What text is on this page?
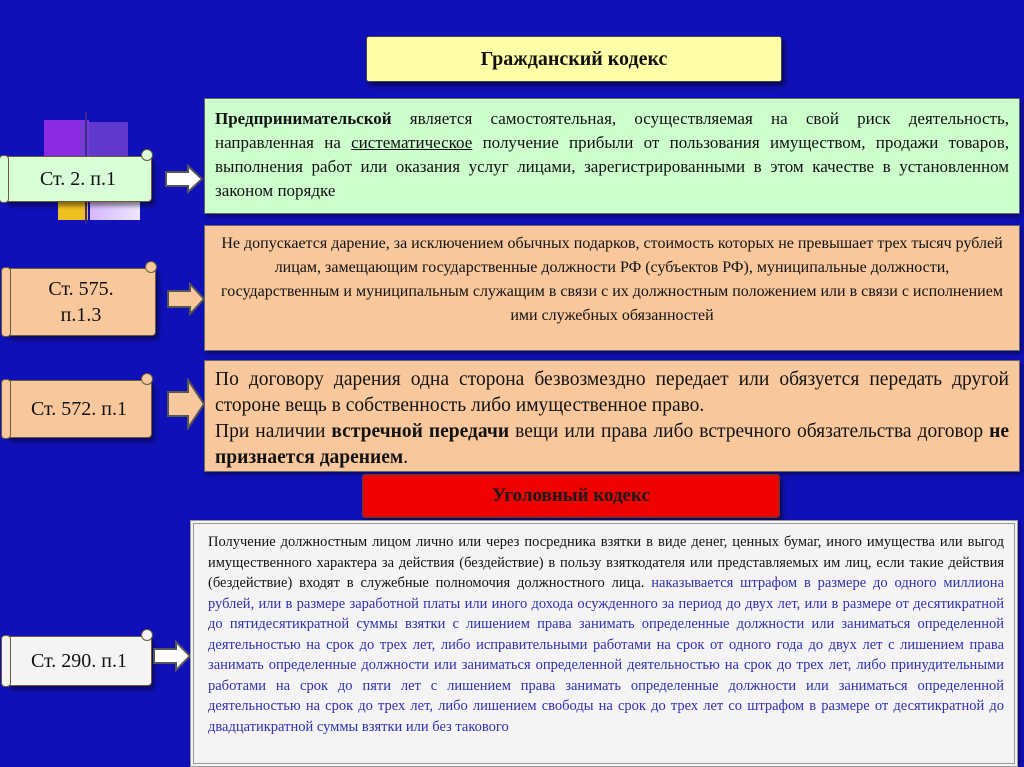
Гражданский кодекс
Ст. 2. п.1
Предпринимательской является самостоятельная, осуществляемая на свой риск деятельность, направленная на систематическое получение прибыли от пользования имуществом, продажи товаров, выполнения работ или оказания услуг лицами, зарегистрированными в этом качестве в установленном законом порядке
Ст. 575.
п.1.3
Не допускается дарение, за исключением обычных подарков, стоимость которых не превышает трех тысяч рублей лицам, замещающим государственные должности РФ (субъектов РФ), муниципальные должности, государственным и муниципальным служащим в связи с их должностным положением или в связи с исполнением ими служебных обязанностей
Ст. 572. п.1
По договору дарения одна сторона безвозмездно передает или обязуется передать другой стороне вещь в собственность либо имущественное право.
При наличии встречной передачи вещи или права либо встречного обязательства договор не признается дарением.
Уголовный кодекс
Ст. 290. п.1
Получение должностным лицом лично или через посредника взятки в виде денег, ценных бумаг, иного имущества или выгод имущественного характера за действия (бездействие) в пользу взяткодателя или представляемых им лиц, если такие действия (бездействие) входят в служебные полномочия должностного лица. наказывается штрафом в размере до одного миллиона рублей, или в размере заработной платы или иного дохода осужденного за период до двух лет, или в размере от десятикратной до пятидесятикратной суммы взятки с лишением права занимать определенные должности или заниматься определенной деятельностью на срок до трех лет, либо исправительными работами на срок от одного года до двух лет с лишением права занимать определенные должности или заниматься определенной деятельностью на срок до трех лет, либо принудительными работами на срок до пяти лет с лишением права занимать определенные должности или заниматься определенной деятельностью на срок до трех лет, либо лишением свободы на срок до трех лет со штрафом в размере от десятикратной до двадцатикратной суммы взятки или без такового
